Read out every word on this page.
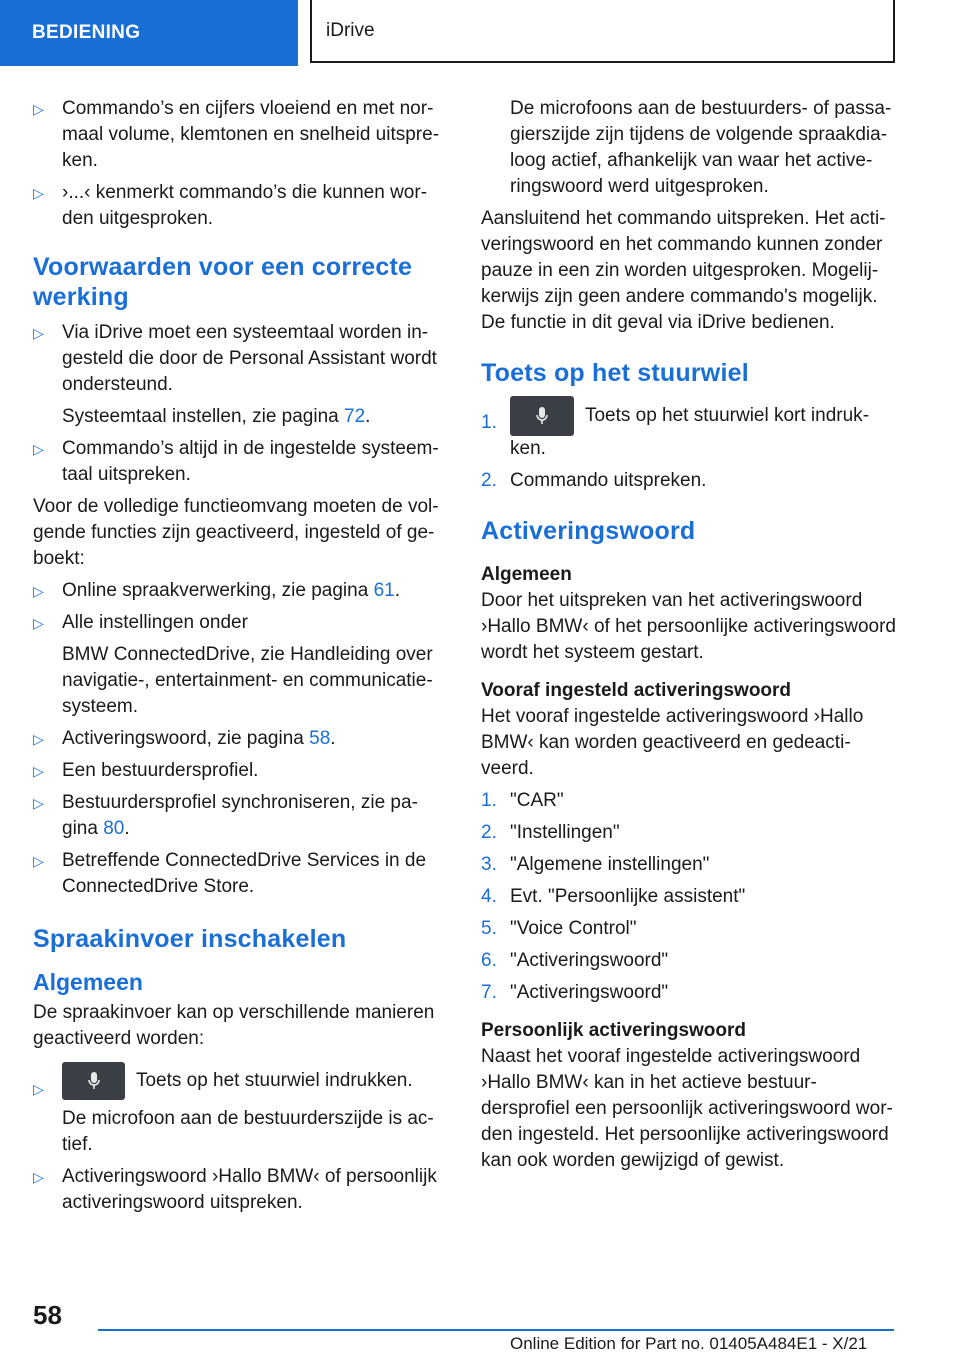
BEDIENING	iDrive
▷ Commando’s en cijfers vloeiend en met normaal volume, klemtonen en snelheid uitspreken.
▷ ›...‹ kenmerkt commando’s die kunnen worden uitgesproken.
Voorwaarden voor een correcte werking
▷ Via iDrive moet een systeemtaal worden ingesteld die door de Personal Assistant wordt ondersteund.
Systeemtaal instellen, zie pagina 72.
▷ Commando’s altijd in de ingestelde systeemtaal uitspreken.

Voor de volledige functieomvang moeten de volgende functies zijn geactiveerd, ingesteld of geboekt:

▷ Online spraakverwerking, zie pagina 61.
▷ Alle instellingen onder
BMW ConnectedDrive, zie Handleiding over navigatie-, entertainment- en communicatiesysteem.
▷ Activeringswoord, zie pagina 58.
▷ Een bestuurdersprofiel.
▷ Bestuurdersprofiel synchroniseren, zie pagina 80.
▷ Betreffende ConnectedDrive Services in de ConnectedDrive Store.
Spraakinvoer inschakelen
Algemeen

De spraakinvoer kan op verschillende manieren geactiveerd worden:

▷	Toets op het stuurwiel indrukken.
De microfoon aan de bestuurderszijde is actief.
▷ Activeringswoord ›Hallo BMW‹ of persoonlijk activeringswoord uitspreken.

De microfoons aan de bestuurders- of passagierszijde zijn tijdens de volgende spraakdialoog actief, afhankelijk van waar het activeringswoord werd uitgesproken.

Aansluitend het commando uitspreken. Het activeringswoord en het commando kunnen zonder pauze in een zin worden uitgesproken. Mogelijkerwijs zijn geen andere commando's mogelijk. De functie in dit geval via iDrive bedienen.

Toets op het stuurwiel
1.	Toets op het stuurwiel kort indrukken.
2. Commando uitspreken.
Activeringswoord
Algemeen

Door het uitspreken van het activeringswoord ›Hallo BMW‹ of het persoonlijke activeringswoord wordt het systeem gestart.

Vooraf ingesteld activeringswoord

Het vooraf ingestelde activeringswoord ›Hallo BMW‹ kan worden geactiveerd en gedeactiveerd.

1. "CAR"
2. "Instellingen"
3. "Algemene instellingen"
4. Evt. "Persoonlijke assistent"
5. "Voice Control"
6. "Activeringswoord"
7. "Activeringswoord"
Persoonlijk activeringswoord

Naast het vooraf ingestelde activeringswoord ›Hallo BMW‹ kan in het actieve bestuurdersprofiel een persoonlijk activeringswoord worden ingesteld. Het persoonlijke activeringswoord kan ook worden gewijzigd of gewist.

58
Online Edition for Part no. 01405A484E1 - X/21
